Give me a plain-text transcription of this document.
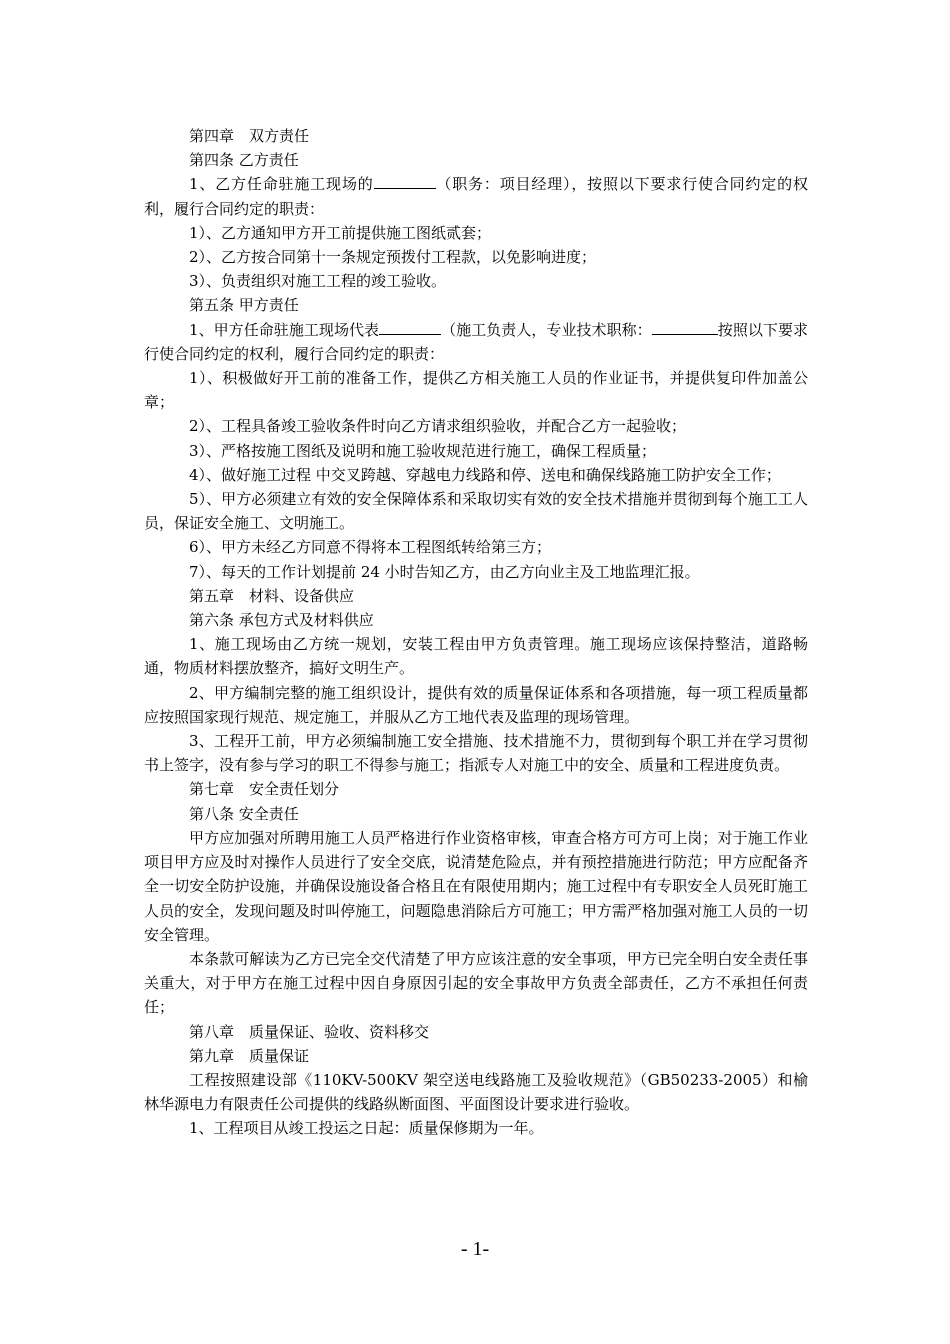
第四章　双方责任

第四条 乙方责任

1、乙方任命驻施工现场的	（职务：项目经理），按照以下要求行使合同约定的权利，履行合同约定的职责：

1）、乙方通知甲方开工前提供施工图纸贰套；

2）、乙方按合同第十一条规定预拨付工程款，以免影响进度；

3）、负责组织对施工工程的竣工验收。

第五条 甲方责任

1、甲方任命驻施工现场代表	（施工负责人，专业技术职称：	按照以下要求行使合同约定的权利，履行合同约定的职责：

1）、积极做好开工前的准备工作，提供乙方相关施工人员的作业证书，并提供复印件加盖公章；

2）、工程具备竣工验收条件时向乙方请求组织验收，并配合乙方一起验收；

3）、严格按施工图纸及说明和施工验收规范进行施工，确保工程质量；

4）、做好施工过程 中交叉跨越、穿越电力线路和停、送电和确保线路施工防护安全工作；

5）、甲方必须建立有效的安全保障体系和采取切实有效的安全技术措施并贯彻到每个施工工人员，保证安全施工、文明施工。

6）、甲方未经乙方同意不得将本工程图纸转给第三方；

7）、每天的工作计划提前 24 小时告知乙方，由乙方向业主及工地监理汇报。

第五章　材料、设备供应

第六条 承包方式及材料供应

1、施工现场由乙方统一规划，安装工程由甲方负责管理。施工现场应该保持整洁，道路畅通，物质材料摆放整齐，搞好文明生产。

2、甲方编制完整的施工组织设计，提供有效的质量保证体系和各项措施，每一项工程质量都应按照国家现行规范、规定施工，并服从乙方工地代表及监理的现场管理。

3、工程开工前，甲方必须编制施工安全措施、技术措施不力，贯彻到每个职工并在学习贯彻书上签字，没有参与学习的职工不得参与施工；指派专人对施工中的安全、质量和工程进度负责。

第七章　安全责任划分

第八条 安全责任

甲方应加强对所聘用施工人员严格进行作业资格审核，审查合格方可方可上岗；对于施工作业项目甲方应及时对操作人员进行了安全交底，说清楚危险点，并有预控措施进行防范；甲方应配备齐全一切安全防护设施，并确保设施设备合格且在有限使用期内；施工过程中有专职安全人员死盯施工人员的安全，发现问题及时叫停施工，问题隐患消除后方可施工；甲方需严格加强对施工人员的一切安全管理。

本条款可解读为乙方已完全交代清楚了甲方应该注意的安全事项，甲方已完全明白安全责任事关重大，对于甲方在施工过程中因自身原因引起的安全事故甲方负责全部责任，乙方不承担任何责任；

第八章　质量保证、验收、资料移交

第九章　质量保证

工程按照建设部《110KV-500KV 架空送电线路施工及验收规范》（GB50233-2005）和榆林华源电力有限责任公司提供的线路纵断面图、平面图设计要求进行验收。

1、工程项目从竣工投运之日起：质量保修期为一年。

- 1-
